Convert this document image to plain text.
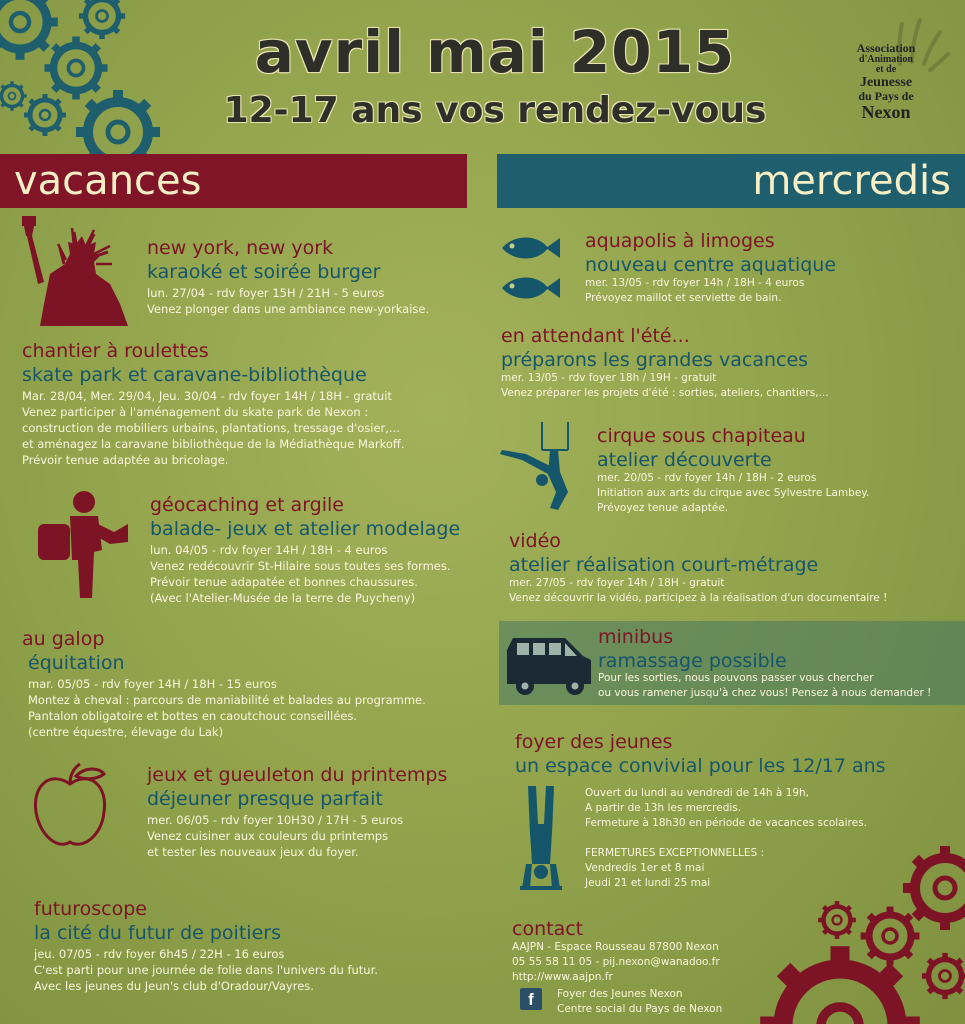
avril mai 2015
12-17 ans vos rendez-vous
Association
d'Animation
et de
Jeunesse
du Pays de
Nexon
vacances	mercredis
new york, new york
karaoké et soirée burger
lun. 27/04 - rdv foyer 15H / 21H - 5 euros
Venez plonger dans une ambiance new-yorkaise.
chantier à roulettes
skate park et caravane-bibliothèque
Mar. 28/04, Mer. 29/04, Jeu. 30/04 - rdv foyer 14H / 18H - gratuit
Venez participer à l'aménagement du skate park de Nexon :
construction de mobiliers urbains, plantations, tressage d'osier,...
et aménagez la caravane bibliothèque de la Médiathèque Markoff.
Prévoir tenue adaptée au bricolage.
géocaching et argile
balade- jeux et atelier modelage
lun. 04/05 - rdv foyer 14H / 18H - 4 euros
Venez redécouvrir St-Hilaire sous toutes ses formes.
Prévoir tenue adapatée et bonnes chaussures.
(Avec l'Atelier-Musée de la terre de Puycheny)
au galop
équitation
mar. 05/05 - rdv foyer 14H / 18H - 15 euros
Montez à cheval : parcours de maniabilité et balades au programme.
Pantalon obligatoire et bottes en caoutchouc conseillées.
(centre équestre, élevage du Lak)
jeux et gueuleton du printemps
déjeuner presque parfait
mer. 06/05 - rdv foyer 10H30 / 17H - 5 euros
Venez cuisiner aux couleurs du printemps
et tester les nouveaux jeux du foyer.
futuroscope
la cité du futur de poitiers
jeu. 07/05 - rdv foyer 6h45 / 22H - 16 euros
C'est parti pour une journée de folie dans l'univers du futur.
Avec les jeunes du Jeun's club d'Oradour/Vayres.
aquapolis à limoges
nouveau centre aquatique
mer. 13/05 - rdv foyer 14h / 18H - 4 euros
Prévoyez maillot et serviette de bain.
en attendant l'été...
préparons les grandes vacances
mer. 13/05 - rdv foyer 18h / 19H - gratuit
Venez préparer les projets d'été : sorties, ateliers, chantiers,...
cirque sous chapiteau
atelier découverte
mer. 20/05 - rdv foyer 14h / 18H - 2 euros
Initiation aux arts du cirque avec Sylvestre Lambey.
Prévoyez tenue adaptée.
vidéo
atelier réalisation court-métrage
mer. 27/05 - rdv foyer 14h / 18H - gratuit
Venez découvrir la vidéo, participez à la réalisation d'un documentaire !
minibus
ramassage possible
Pour les sorties, nous pouvons passer vous chercher
ou vous ramener jusqu'à chez vous! Pensez à nous demander !
foyer des jeunes
un espace convivial pour les 12/17 ans
Ouvert du lundi au vendredi de 14h à 19h,
A partir de 13h les mercredis.
Fermeture à 18h30 en période de vacances scolaires.
FERMETURES EXCEPTIONNELLES :
Vendredis 1er et 8 mai
Jeudi 21 et lundi 25 mai
contact
AAJPN - Espace Rousseau 87800 Nexon
05 55 58 11 05 - pij.nexon@wanadoo.fr
http://www.aajpn.fr
f	Foyer des Jeunes Nexon
Centre social du Pays de Nexon
